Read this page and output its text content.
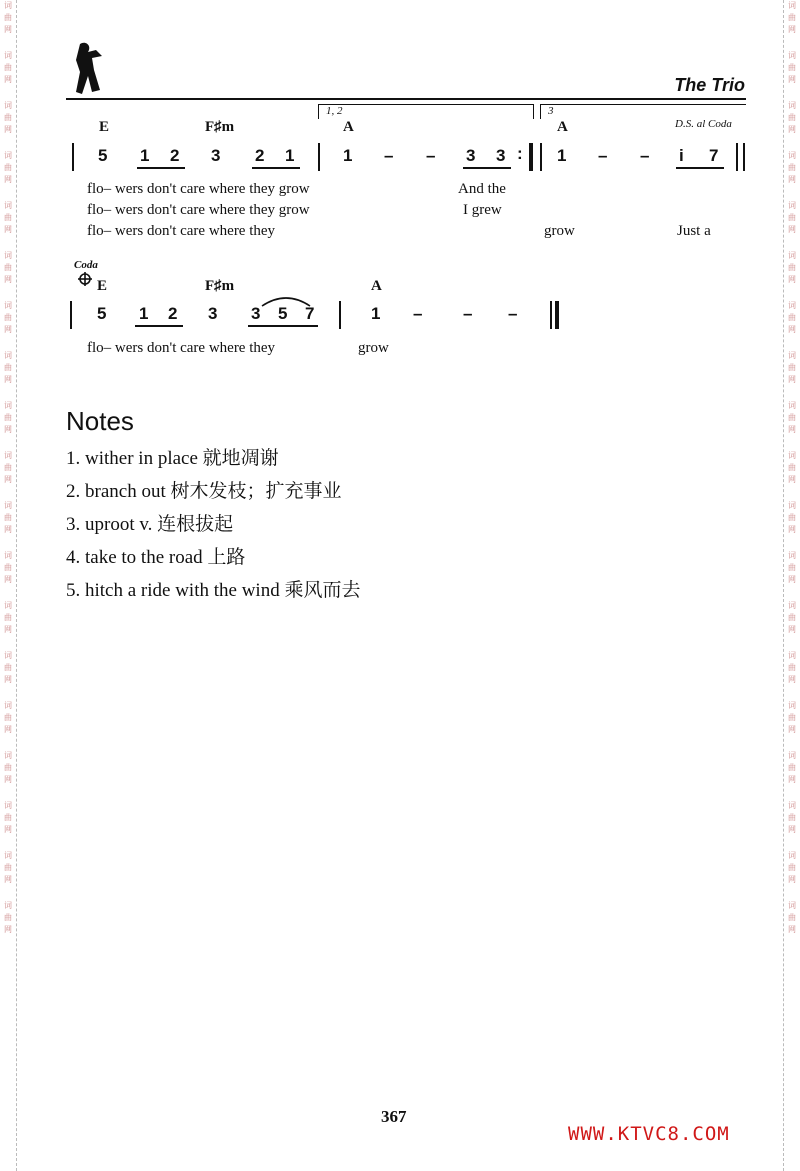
词
曲
网
词
曲
网
词
曲
网
词
曲
网
词
曲
网
词
曲
网
词
曲
网
词
曲
网
词
曲
网
词
曲
网
词
曲
网
词
曲
网
词
曲
网
词
曲
网
词
曲
网
词
曲
网
词
曲
网
词
曲
网
词
曲
网
词
曲
网
词
曲
网
词
曲
网
词
曲
网
词
曲
网
词
曲
网
词
曲
网
词
曲
网
词
曲
网
词
曲
网
词
曲
网
词
曲
网
词
曲
网
词
曲
网
词
曲
网
词
曲
网
词
曲
网
词
曲
网
词
曲
网
The Trio
1, 2	3
E	F♯m	A	A	D.S. al Coda
:
5 1 2 3 2 1	1 – – 3 3	1 – – i 7
flo– wers don't care where they grow	And the
flo– wers don't care where they grow	I grew
flo– wers don't care where they	grow	Just a
Coda
E	F♯m	A
5 1 2 3 3 5 7	1 – – –
flo– wers don't care where they	grow
Notes
1. wither in place 就地凋谢
2. branch out 树木发枝；扩充事业
3. uproot v. 连根拔起
4. take to the road 上路
5. hitch a ride with the wind 乘风而去
367
WWW.KTVC8.COM
